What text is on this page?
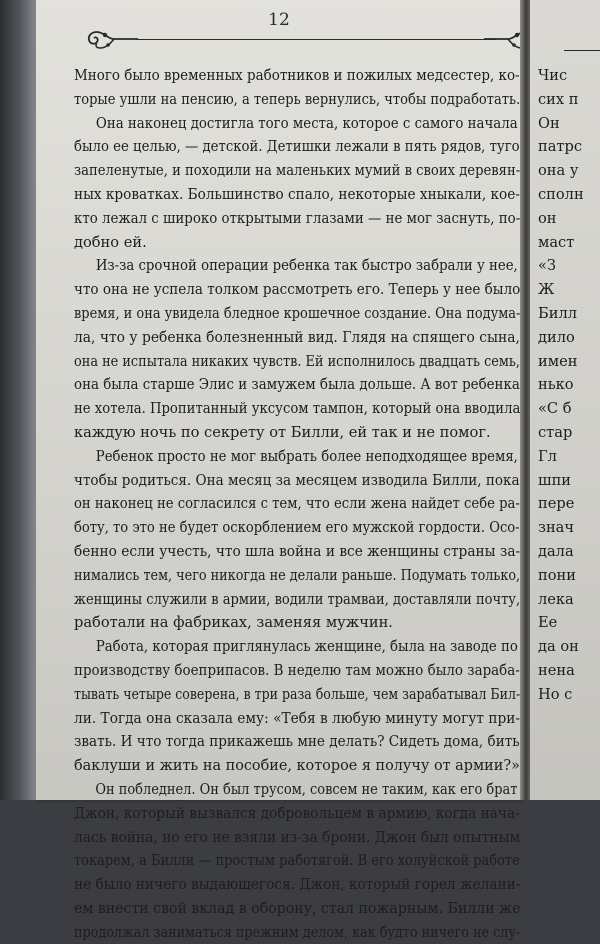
12
Много было временных работников и пожилых медсестер, ко-
торые ушли на пенсию, а теперь вернулись, чтобы подработать.
Она наконец достигла того места, которое с самого начала
было ее целью, — детской. Детишки лежали в пять рядов, туго
запеленутые, и походили на маленьких мумий в своих деревян-
ных кроватках. Большинство спало, некоторые хныкали, кое-
кто лежал с широко открытыми глазами — не мог заснуть, по-
добно ей.
Из-за срочной операции ребенка так быстро забрали у нее,
что она не успела толком рассмотреть его. Теперь у нее было
время, и она увидела бледное крошечное создание. Она подума-
ла, что у ребенка болезненный вид. Глядя на спящего сына,
она не испытала никаких чувств. Ей исполнилось двадцать семь,
она была старше Элис и замужем была дольше. А вот ребенка
не хотела. Пропитанный уксусом тампон, который она вводила
каждую ночь по секрету от Билли, ей так и не помог.
Ребенок просто не мог выбрать более неподходящее время,
чтобы родиться. Она месяц за месяцем изводила Билли, пока
он наконец не согласился с тем, что если жена найдет себе ра-
боту, то это не будет оскорблением его мужской гордости. Осо-
бенно если учесть, что шла война и все женщины страны за-
нимались тем, чего никогда не делали раньше. Подумать только,
женщины служили в армии, водили трамваи, доставляли почту,
работали на фабриках, заменяя мужчин.
Работа, которая приглянулась женщине, была на заводе по
производству боеприпасов. В неделю там можно было зараба-
тывать четыре соверена, в три раза больше, чем зарабатывал Бил-
ли. Тогда она сказала ему: «Тебя в любую минуту могут при-
звать. И что тогда прикажешь мне делать? Сидеть дома, бить
баклуши и жить на пособие, которое я получу от армии?»
Он побледнел. Он был трусом, совсем не таким, как его брат
Джон, который вызвался добровольцем в армию, когда нача-
лась война, но его не взяли из-за брони. Джон был опытным
токарем, а Билли — простым работягой. В его холуйской работе
не было ничего выдающегося. Джон, который горел желани-
ем внести свой вклад в оборону, стал пожарным. Билли же
продолжал заниматься прежним делом, как будто ничего не слу-
Чис
сих п
Он
патрс
она у
сполн
он
маст
«З
Ж
Билл
дило
имен
нько
«С б
стар
Гл
шпи
пере
знач
дала
пони
лека
Ее
да он
нена
Но с
